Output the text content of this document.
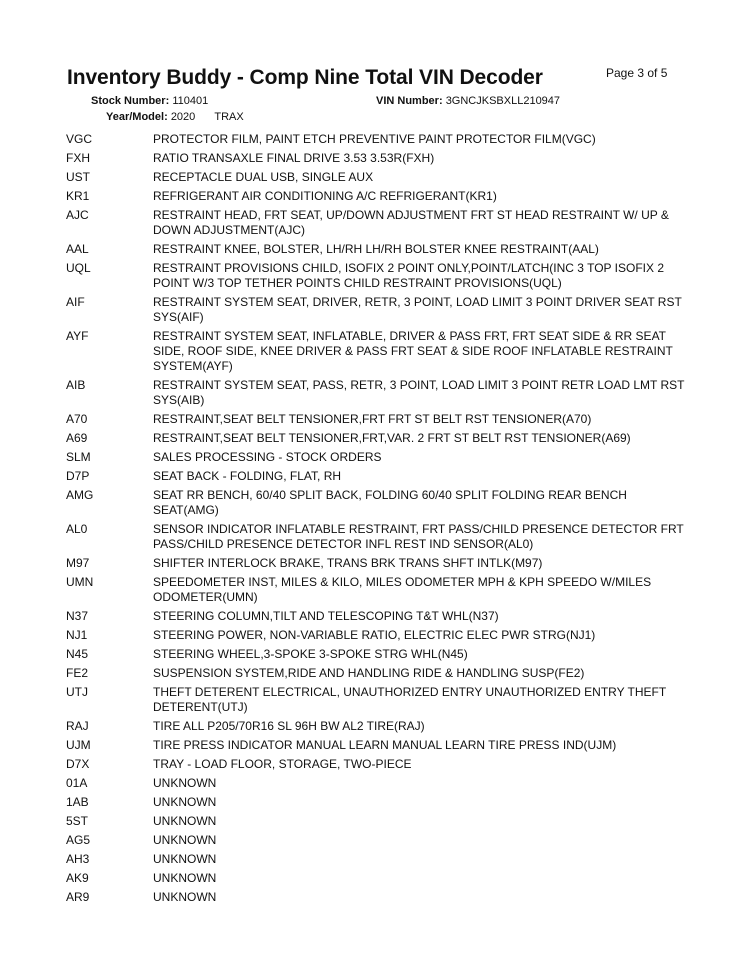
Inventory Buddy - Comp Nine Total VIN Decoder	Page 3 of 5
Stock Number: 110401
Year/Model: 2020 TRAX
VIN Number: 3GNCJKSBXLL210947
VGC	PROTECTOR FILM, PAINT ETCH PREVENTIVE PAINT PROTECTOR FILM(VGC)
FXH	RATIO TRANSAXLE FINAL DRIVE 3.53 3.53R(FXH)
UST	RECEPTACLE DUAL USB, SINGLE AUX
KR1	REFRIGERANT AIR CONDITIONING A/C REFRIGERANT(KR1)
AJC	RESTRAINT HEAD, FRT SEAT, UP/DOWN ADJUSTMENT FRT ST HEAD RESTRAINT W/ UP & DOWN ADJUSTMENT(AJC)
AAL	RESTRAINT KNEE, BOLSTER, LH/RH LH/RH BOLSTER KNEE RESTRAINT(AAL)
UQL	RESTRAINT PROVISIONS CHILD, ISOFIX 2 POINT ONLY,POINT/LATCH(INC 3 TOP ISOFIX 2 POINT W/3 TOP TETHER POINTS CHILD RESTRAINT PROVISIONS(UQL)
AIF	RESTRAINT SYSTEM SEAT, DRIVER, RETR, 3 POINT, LOAD LIMIT 3 POINT DRIVER SEAT RST SYS(AIF)
AYF	RESTRAINT SYSTEM SEAT, INFLATABLE, DRIVER & PASS FRT, FRT SEAT SIDE & RR SEAT SIDE, ROOF SIDE, KNEE DRIVER & PASS FRT SEAT & SIDE ROOF INFLATABLE RESTRAINT SYSTEM(AYF)
AIB	RESTRAINT SYSTEM SEAT, PASS, RETR, 3 POINT, LOAD LIMIT 3 POINT RETR LOAD LMT RST SYS(AIB)
A70	RESTRAINT,SEAT BELT TENSIONER,FRT FRT ST BELT RST TENSIONER(A70)
A69	RESTRAINT,SEAT BELT TENSIONER,FRT,VAR. 2 FRT ST BELT RST TENSIONER(A69)
SLM	SALES PROCESSING - STOCK ORDERS
D7P	SEAT BACK - FOLDING, FLAT, RH
AMG	SEAT RR BENCH, 60/40 SPLIT BACK, FOLDING 60/40 SPLIT FOLDING REAR BENCH SEAT(AMG)
AL0	SENSOR INDICATOR INFLATABLE RESTRAINT, FRT PASS/CHILD PRESENCE DETECTOR FRT PASS/CHILD PRESENCE DETECTOR INFL REST IND SENSOR(AL0)
M97	SHIFTER INTERLOCK BRAKE, TRANS BRK TRANS SHFT INTLK(M97)
UMN	SPEEDOMETER INST, MILES & KILO, MILES ODOMETER MPH & KPH SPEEDO W/MILES ODOMETER(UMN)
N37	STEERING COLUMN,TILT AND TELESCOPING T&T WHL(N37)
NJ1	STEERING POWER, NON-VARIABLE RATIO, ELECTRIC ELEC PWR STRG(NJ1)
N45	STEERING WHEEL,3-SPOKE 3-SPOKE STRG WHL(N45)
FE2	SUSPENSION SYSTEM,RIDE AND HANDLING RIDE & HANDLING SUSP(FE2)
UTJ	THEFT DETERENT ELECTRICAL, UNAUTHORIZED ENTRY UNAUTHORIZED ENTRY THEFT DETERENT(UTJ)
RAJ	TIRE ALL P205/70R16 SL 96H BW AL2 TIRE(RAJ)
UJM	TIRE PRESS INDICATOR MANUAL LEARN MANUAL LEARN TIRE PRESS IND(UJM)
D7X	TRAY - LOAD FLOOR, STORAGE, TWO-PIECE
01A	UNKNOWN
1AB	UNKNOWN
5ST	UNKNOWN
AG5	UNKNOWN
AH3	UNKNOWN
AK9	UNKNOWN
AR9	UNKNOWN
